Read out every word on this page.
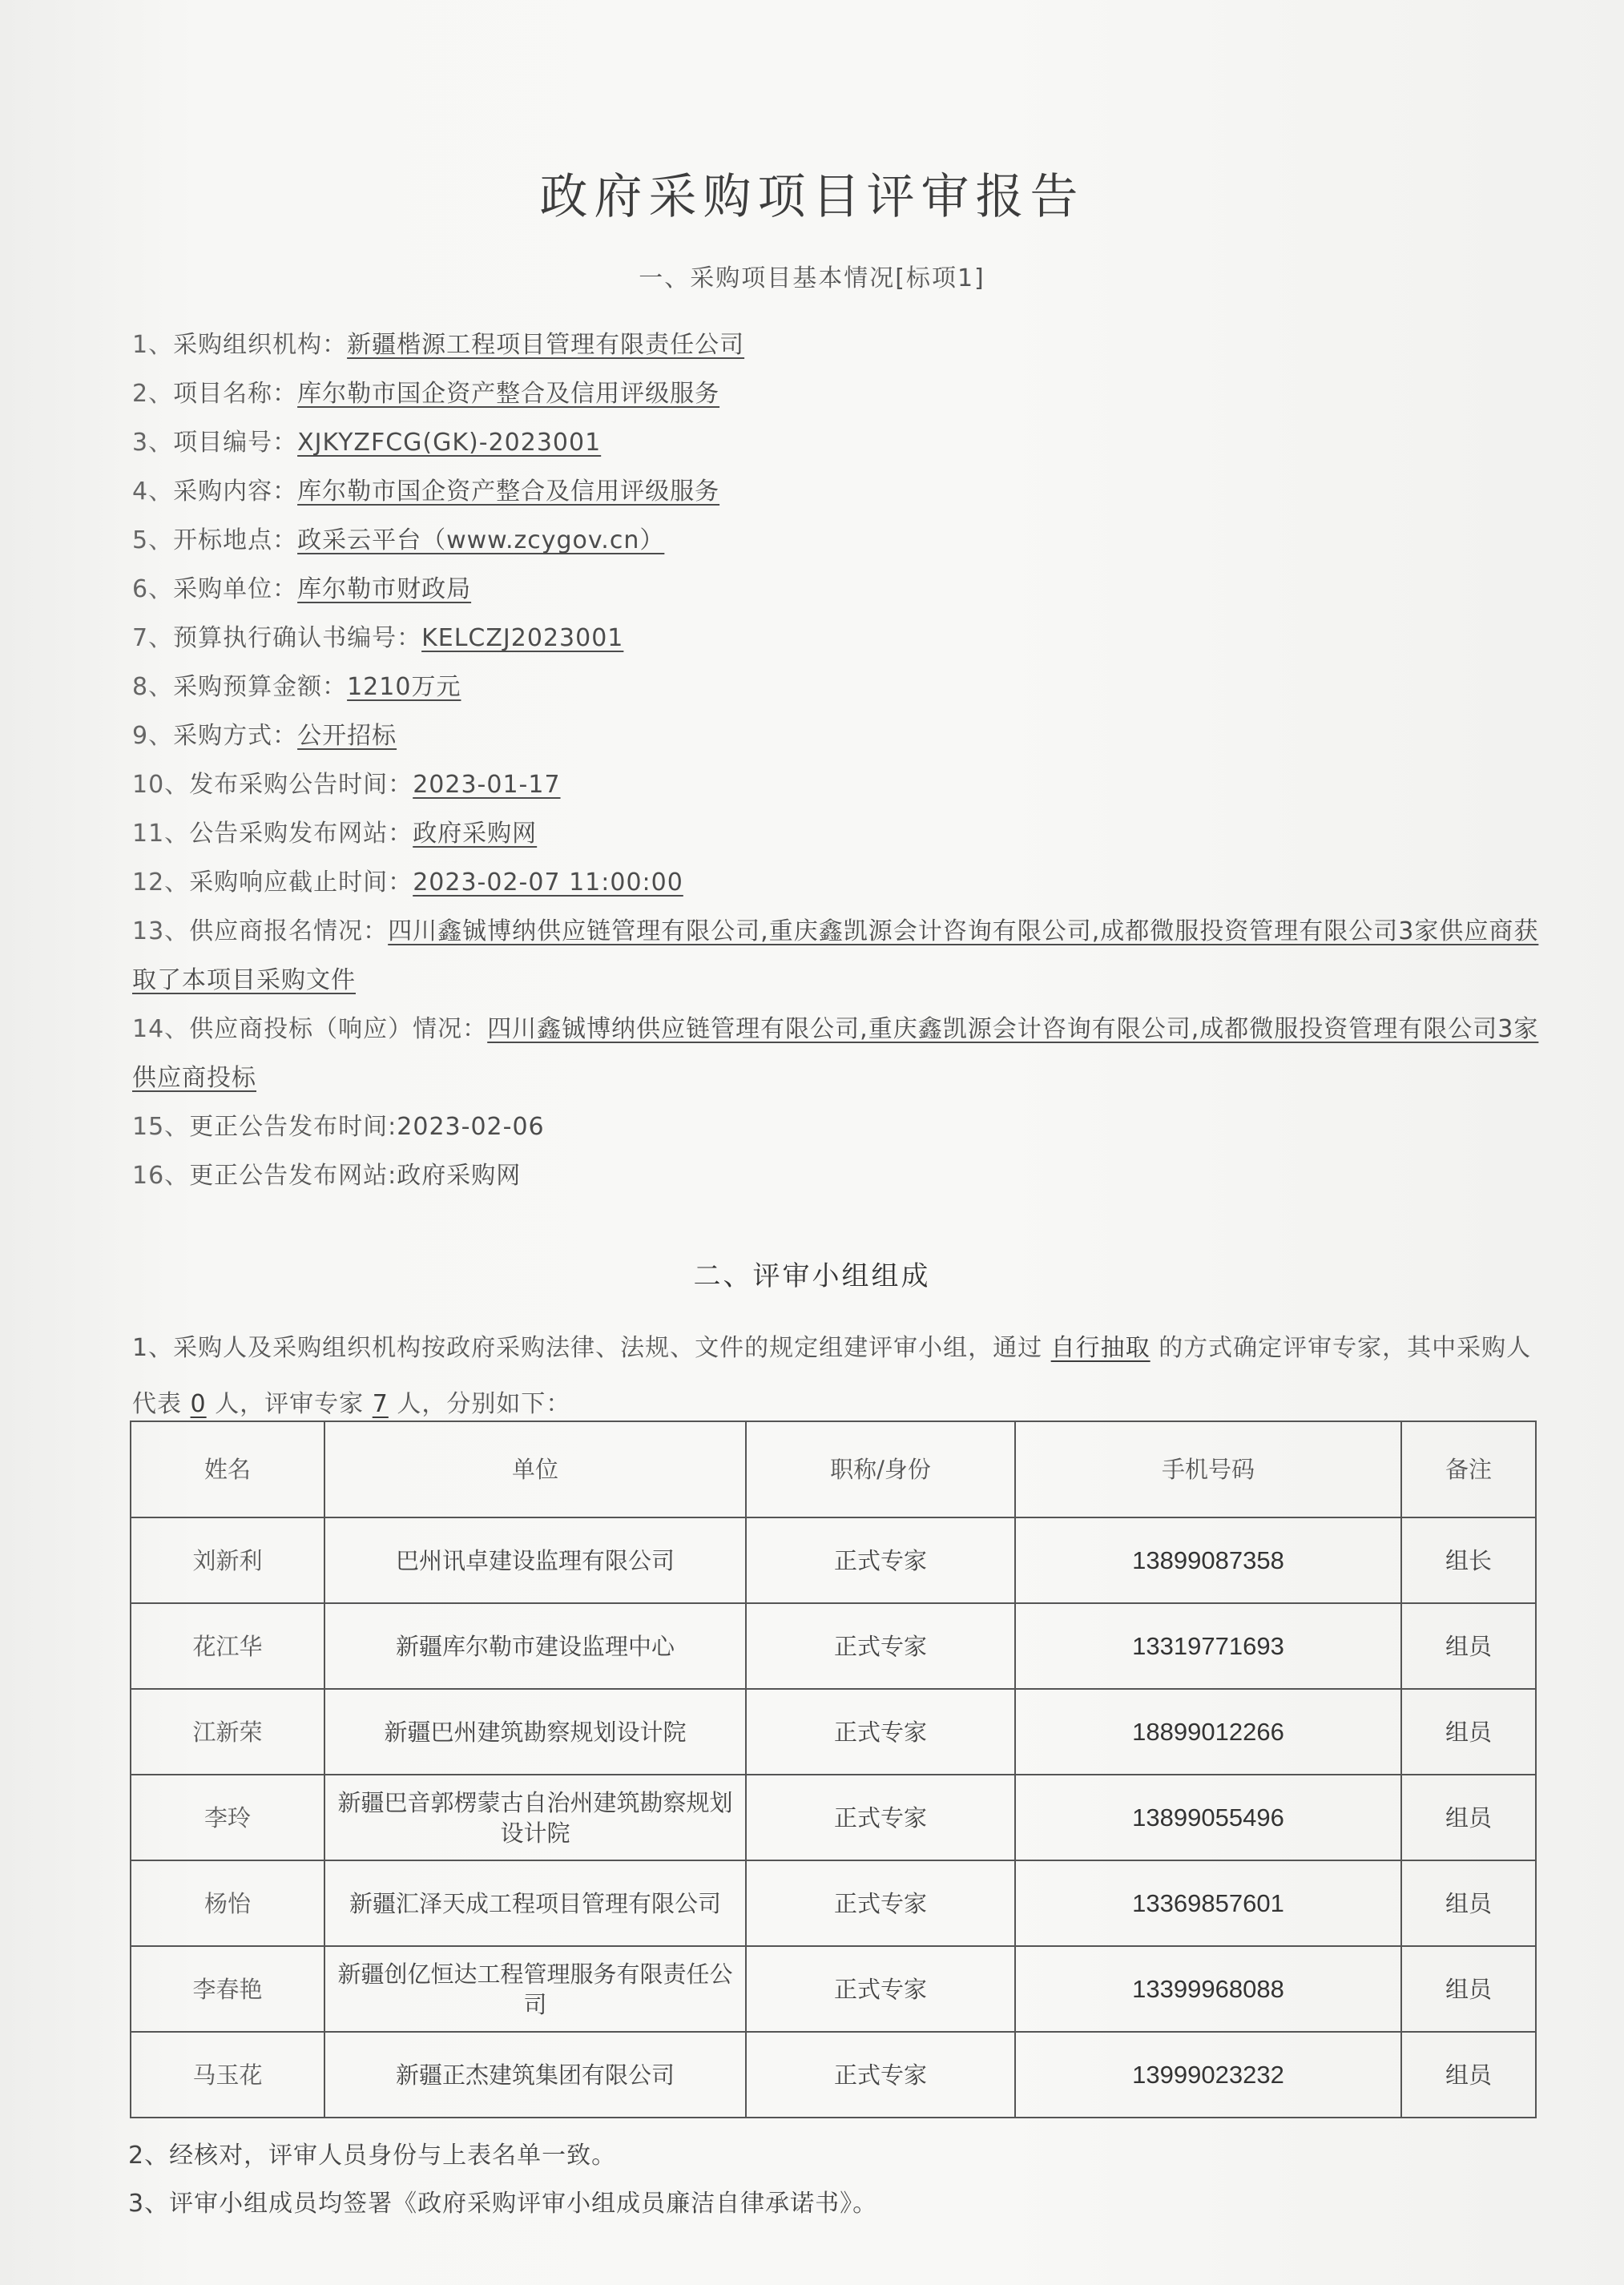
政府采购项目评审报告
一、采购项目基本情况[标项1]
1、采购组织机构：新疆楷源工程项目管理有限责任公司
2、项目名称：库尔勒市国企资产整合及信用评级服务
3、项目编号：XJKYZFCG(GK)-2023001
4、采购内容：库尔勒市国企资产整合及信用评级服务
5、开标地点：政采云平台（www.zcygov.cn）
6、采购单位：库尔勒市财政局
7、预算执行确认书编号：KELCZJ2023001
8、采购预算金额：1210万元
9、采购方式：公开招标
10、发布采购公告时间：2023-01-17
11、公告采购发布网站：政府采购网
12、采购响应截止时间：2023-02-07 11:00:00
13、供应商报名情况：四川鑫铖博纳供应链管理有限公司,重庆鑫凯源会计咨询有限公司,成都微服投资管理有限公司3家供应商获取了本项目采购文件
14、供应商投标（响应）情况：四川鑫铖博纳供应链管理有限公司,重庆鑫凯源会计咨询有限公司,成都微服投资管理有限公司3家供应商投标
15、更正公告发布时间:2023-02-06
16、更正公告发布网站:政府采购网
二、评审小组组成
1、采购人及采购组织机构按政府采购法律、法规、文件的规定组建评审小组，通过 自行抽取 的方式确定评审专家，其中采购人代表 0 人，评审专家 7 人，分别如下：
姓名	单位	职称/身份	手机号码	备注
刘新利	巴州讯卓建设监理有限公司	正式专家	13899087358	组长
花江华	新疆库尔勒市建设监理中心	正式专家	13319771693	组员
江新荣	新疆巴州建筑勘察规划设计院	正式专家	18899012266	组员
李玲	新疆巴音郭楞蒙古自治州建筑勘察规划设计院	正式专家	13899055496	组员
杨怡	新疆汇泽天成工程项目管理有限公司	正式专家	13369857601	组员
李春艳	新疆创亿恒达工程管理服务有限责任公司	正式专家	13399968088	组员
马玉花	新疆正杰建筑集团有限公司	正式专家	13999023232	组员
2、经核对，评审人员身份与上表名单一致。
3、评审小组成员均签署《政府采购评审小组成员廉洁自律承诺书》。
